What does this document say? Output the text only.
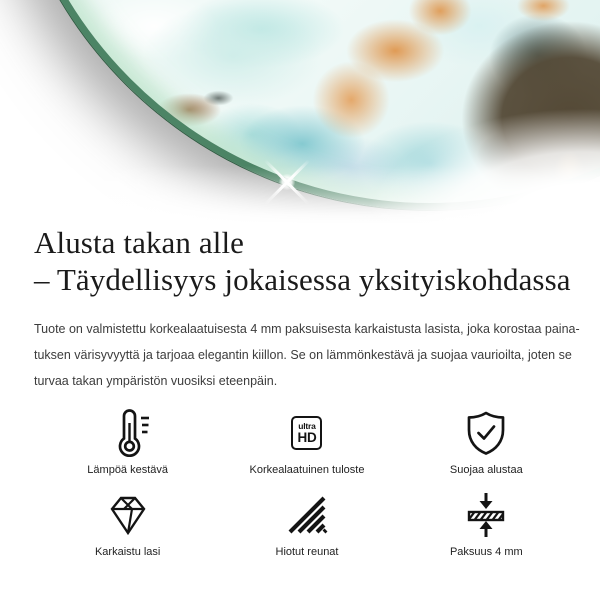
Alusta takan alle
– Täydellisyys jokaisessa yksityiskohdassa
Tuote on valmistettu korkealaatuisesta 4 mm paksuisesta karkaistusta lasista, joka korostaa paina-
tuksen värisyvyyttä ja tarjoaa elegantin kiillon. Se on lämmönkestävä ja suojaa vaurioilta, joten se
turvaa takan ympäristön vuosiksi eteenpäin.
Lämpöä kestävä
ultra
HD
Korkealaatuinen tuloste	Suojaa alustaa
Karkaistu lasi	Hiotut reunat	Paksuus 4 mm
